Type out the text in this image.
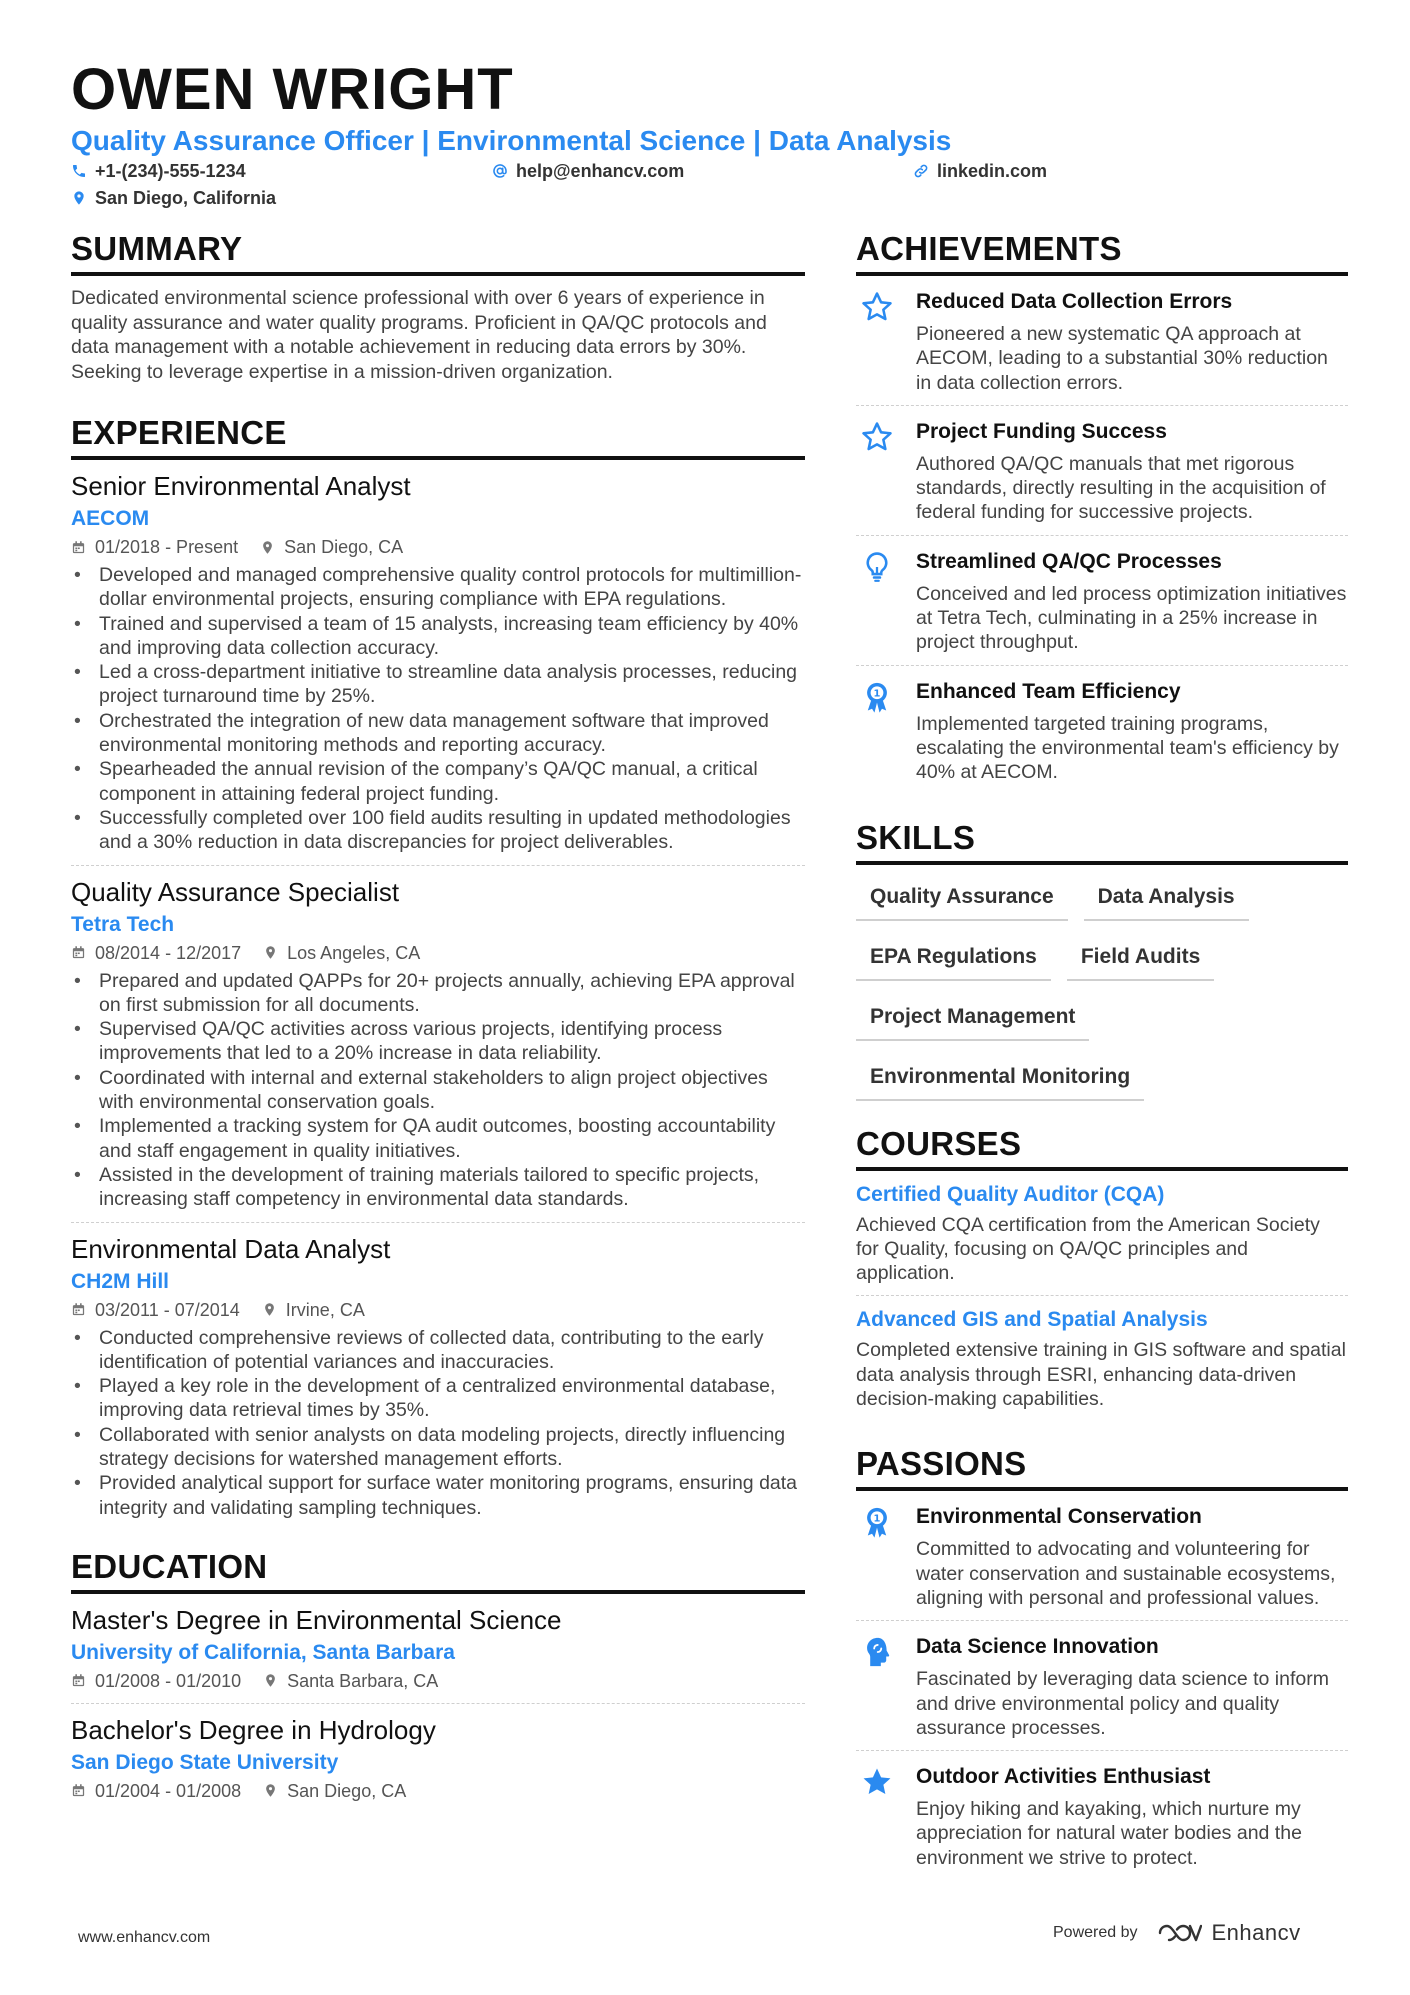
OWEN WRIGHT
Quality Assurance Officer | Environmental Science | Data Analysis
+1-(234)-555-1234	help@enhancv.com	linkedin.com
San Diego, California
SUMMARY
Dedicated environmental science professional with over 6 years of experience in quality assurance and water quality programs. Proficient in QA/QC protocols and data management with a notable achievement in reducing data errors by 30%. Seeking to leverage expertise in a mission-driven organization.
EXPERIENCE
Senior Environmental Analyst
AECOM
01/2018 - Present	San Diego, CA
• Developed and managed comprehensive quality control protocols for multimillion-dollar environmental projects, ensuring compliance with EPA regulations.
• Trained and supervised a team of 15 analysts, increasing team efficiency by 40% and improving data collection accuracy.
• Led a cross-department initiative to streamline data analysis processes, reducing project turnaround time by 25%.
• Orchestrated the integration of new data management software that improved environmental monitoring methods and reporting accuracy.
• Spearheaded the annual revision of the company’s QA/QC manual, a critical component in attaining federal project funding.
• Successfully completed over 100 field audits resulting in updated methodologies and a 30% reduction in data discrepancies for project deliverables.
Quality Assurance Specialist
Tetra Tech
08/2014 - 12/2017	Los Angeles, CA
• Prepared and updated QAPPs for 20+ projects annually, achieving EPA approval on first submission for all documents.
• Supervised QA/QC activities across various projects, identifying process improvements that led to a 20% increase in data reliability.
• Coordinated with internal and external stakeholders to align project objectives with environmental conservation goals.
• Implemented a tracking system for QA audit outcomes, boosting accountability and staff engagement in quality initiatives.
• Assisted in the development of training materials tailored to specific projects, increasing staff competency in environmental data standards.
Environmental Data Analyst
CH2M Hill
03/2011 - 07/2014	Irvine, CA
• Conducted comprehensive reviews of collected data, contributing to the early identification of potential variances and inaccuracies.
• Played a key role in the development of a centralized environmental database, improving data retrieval times by 35%.
• Collaborated with senior analysts on data modeling projects, directly influencing strategy decisions for watershed management efforts.
• Provided analytical support for surface water monitoring programs, ensuring data integrity and validating sampling techniques.
EDUCATION
Master's Degree in Environmental Science
University of California, Santa Barbara
01/2008 - 01/2010	Santa Barbara, CA
Bachelor's Degree in Hydrology
San Diego State University
01/2004 - 01/2008	San Diego, CA
ACHIEVEMENTS
Reduced Data Collection Errors
Pioneered a new systematic QA approach at AECOM, leading to a substantial 30% reduction in data collection errors.
Project Funding Success
Authored QA/QC manuals that met rigorous standards, directly resulting in the acquisition of federal funding for successive projects.
Streamlined QA/QC Processes
Conceived and led process optimization initiatives at Tetra Tech, culminating in a 25% increase in project throughput.
1 Enhanced Team Efficiency
Implemented targeted training programs, escalating the environmental team's efficiency by 40% at AECOM.
SKILLS
Quality Assurance	Data Analysis
EPA Regulations	Field Audits
Project Management
Environmental Monitoring
COURSES
Certified Quality Auditor (CQA)
Achieved CQA certification from the American Society for Quality, focusing on QA/QC principles and application.
Advanced GIS and Spatial Analysis
Completed extensive training in GIS software and spatial data analysis through ESRI, enhancing data-driven decision-making capabilities.
PASSIONS
1 Environmental Conservation
Committed to advocating and volunteering for water conservation and sustainable ecosystems, aligning with personal and professional values.
Data Science Innovation
Fascinated by leveraging data science to inform and drive environmental policy and quality assurance processes.
Outdoor Activities Enthusiast
Enjoy hiking and kayaking, which nurture my appreciation for natural water bodies and the environment we strive to protect.
www.enhancv.com	Powered by	Enhancv
